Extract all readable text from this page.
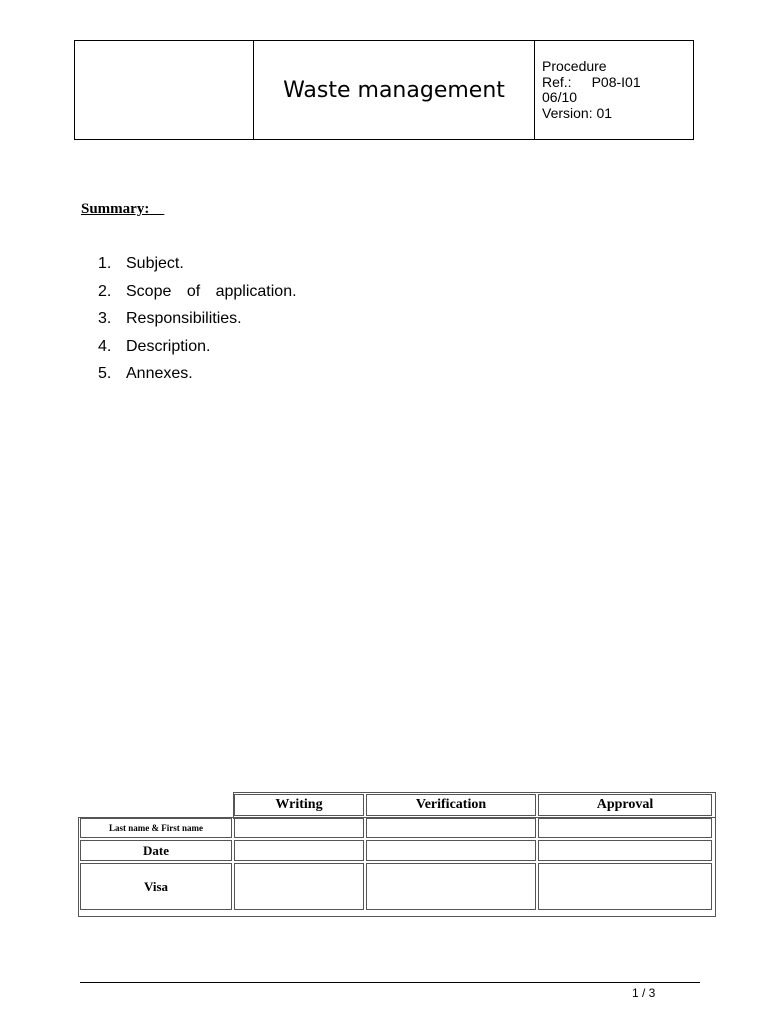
Waste management
Procedure
Ref.: P08-I01
06/10
Version: 01
Summary:
1. Subject.
2. Scope of application.
3. Responsibilities.
4. Description.
5. Annexes.
	Writing	Verification	Approval
Last name & First name			
Date			
Visa			
1 / 3
